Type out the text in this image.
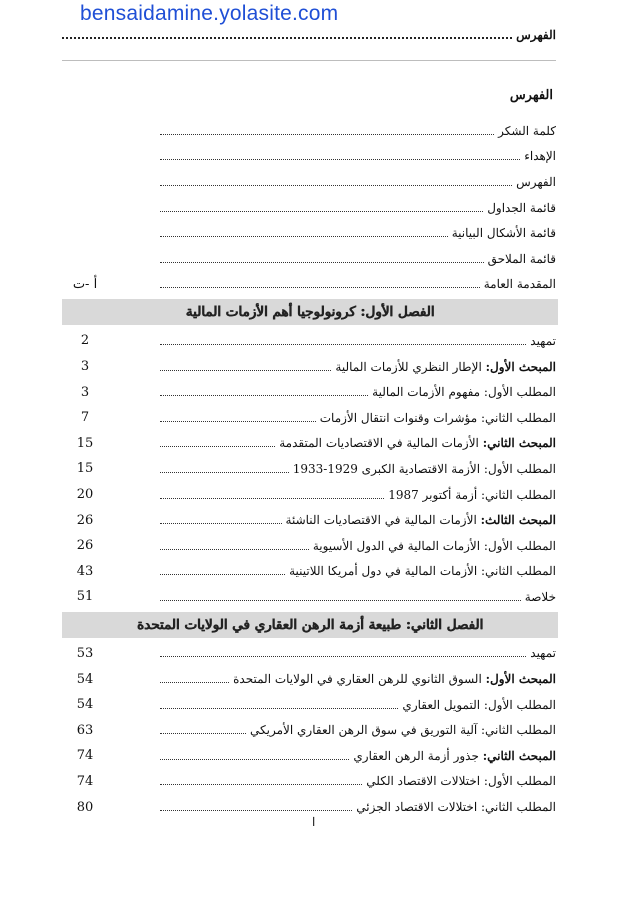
bensaidamine.yolasite.com
الفهرس
الفهرس
كلمة الشكر
الإهداء
الفهرس
قائمة الجداول
قائمة الأشكال البيانية
قائمة الملاحق
المقدمة العامة
أ -ت
الفصل الأول: كرونولوجيا أهم الأزمات المالية
تمهيد
2
المبحث الأول: الإطار النظري للأزمات المالية
3
المطلب الأول: مفهوم الأزمات المالية
3
المطلب الثاني: مؤشرات وقنوات انتقال الأزمات
7
المبحث الثاني: الأزمات المالية في الاقتصاديات المتقدمة
15
المطلب الأول: الأزمة الاقتصادية الكبرى 1929-1933
15
المطلب الثاني: أزمة أكتوبر 1987
20
المبحث الثالث: الأزمات المالية في الاقتصاديات الناشئة
26
المطلب الأول: الأزمات المالية في الدول الأسيوية
26
المطلب الثاني: الأزمات المالية في دول أمريكا اللاتينية
43
خلاصة
51
الفصل الثاني: طبيعة أزمة الرهن العقاري في الولايات المتحدة
تمهيد
53
المبحث الأول: السوق الثانوي للرهن العقاري في الولايات المتحدة
54
المطلب الأول: التمويل العقاري
54
المطلب الثاني: آلية التوريق في سوق الرهن العقاري الأمريكي
63
المبحث الثاني: جذور أزمة الرهن العقاري
74
المطلب الأول: اختلالات الاقتصاد الكلي
74
المطلب الثاني: اختلالات الاقتصاد الجزئي
80
ا
